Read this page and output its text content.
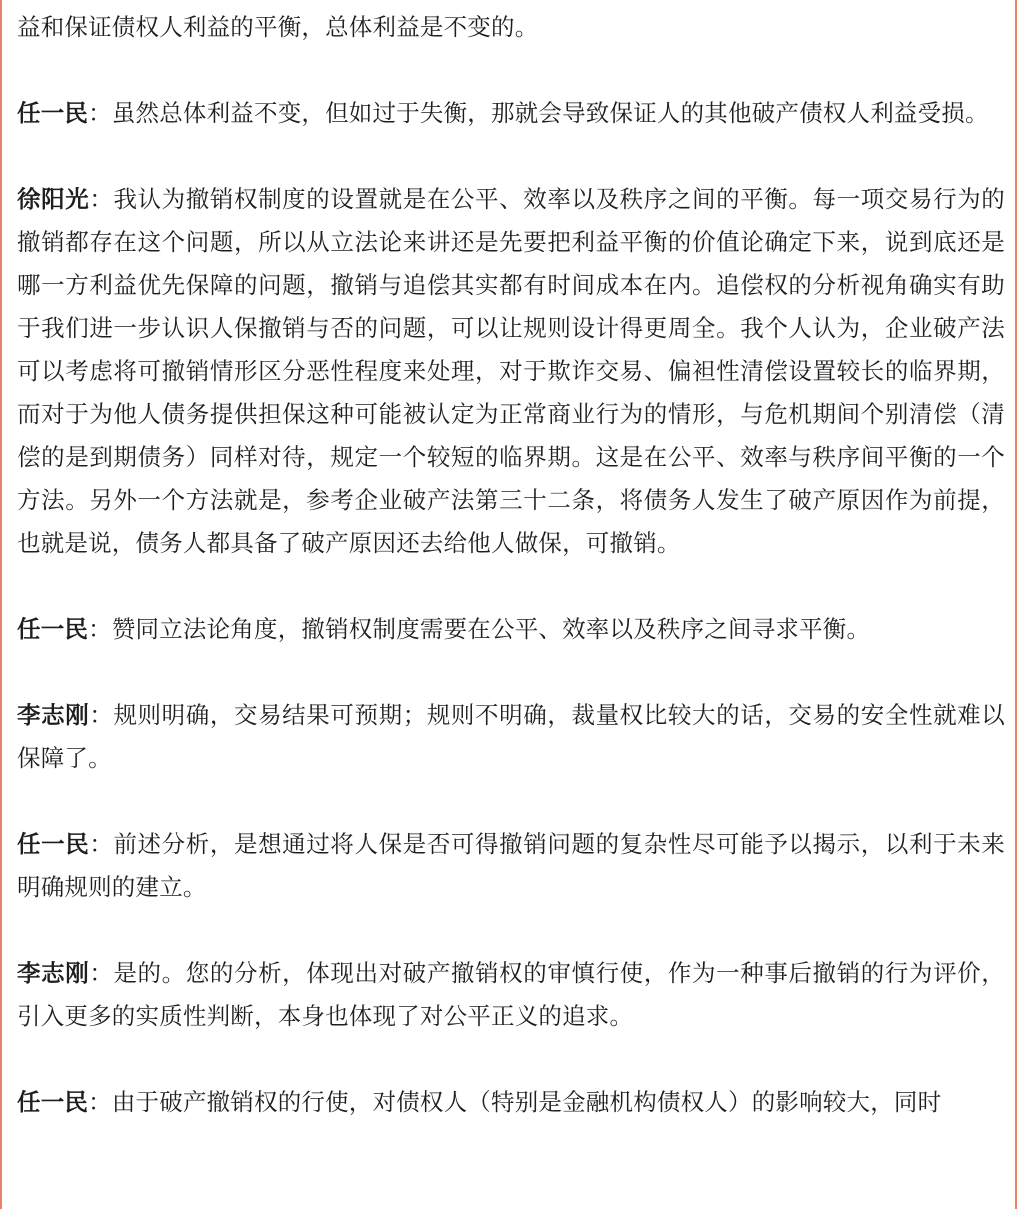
益和保证债权人利益的平衡，总体利益是不变的。

任一民：虽然总体利益不变，但如过于失衡，那就会导致保证人的其他破产债权人利益受损。

徐阳光：我认为撤销权制度的设置就是在公平、效率以及秩序之间的平衡。每一项交易行为的撤销都存在这个问题，所以从立法论来讲还是先要把利益平衡的价值论确定下来，说到底还是哪一方利益优先保障的问题，撤销与追偿其实都有时间成本在内。追偿权的分析视角确实有助于我们进一步认识人保撤销与否的问题，可以让规则设计得更周全。我个人认为，企业破产法可以考虑将可撤销情形区分恶性程度来处理，对于欺诈交易、偏袒性清偿设置较长的临界期，而对于为他人债务提供担保这种可能被认定为正常商业行为的情形，与危机期间个别清偿（清偿的是到期债务）同样对待，规定一个较短的临界期。这是在公平、效率与秩序间平衡的一个方法。另外一个方法就是，参考企业破产法第三十二条，将债务人发生了破产原因作为前提，也就是说，债务人都具备了破产原因还去给他人做保，可撤销。

任一民：赞同立法论角度，撤销权制度需要在公平、效率以及秩序之间寻求平衡。

李志刚：规则明确，交易结果可预期；规则不明确，裁量权比较大的话，交易的安全性就难以保障了。

任一民：前述分析，是想通过将人保是否可得撤销问题的复杂性尽可能予以揭示，以利于未来明确规则的建立。

李志刚：是的。您的分析，体现出对破产撤销权的审慎行使，作为一种事后撤销的行为评价，引入更多的实质性判断，本身也体现了对公平正义的追求。

任一民：由于破产撤销权的行使，对债权人（特别是金融机构债权人）的影响较大，同时
